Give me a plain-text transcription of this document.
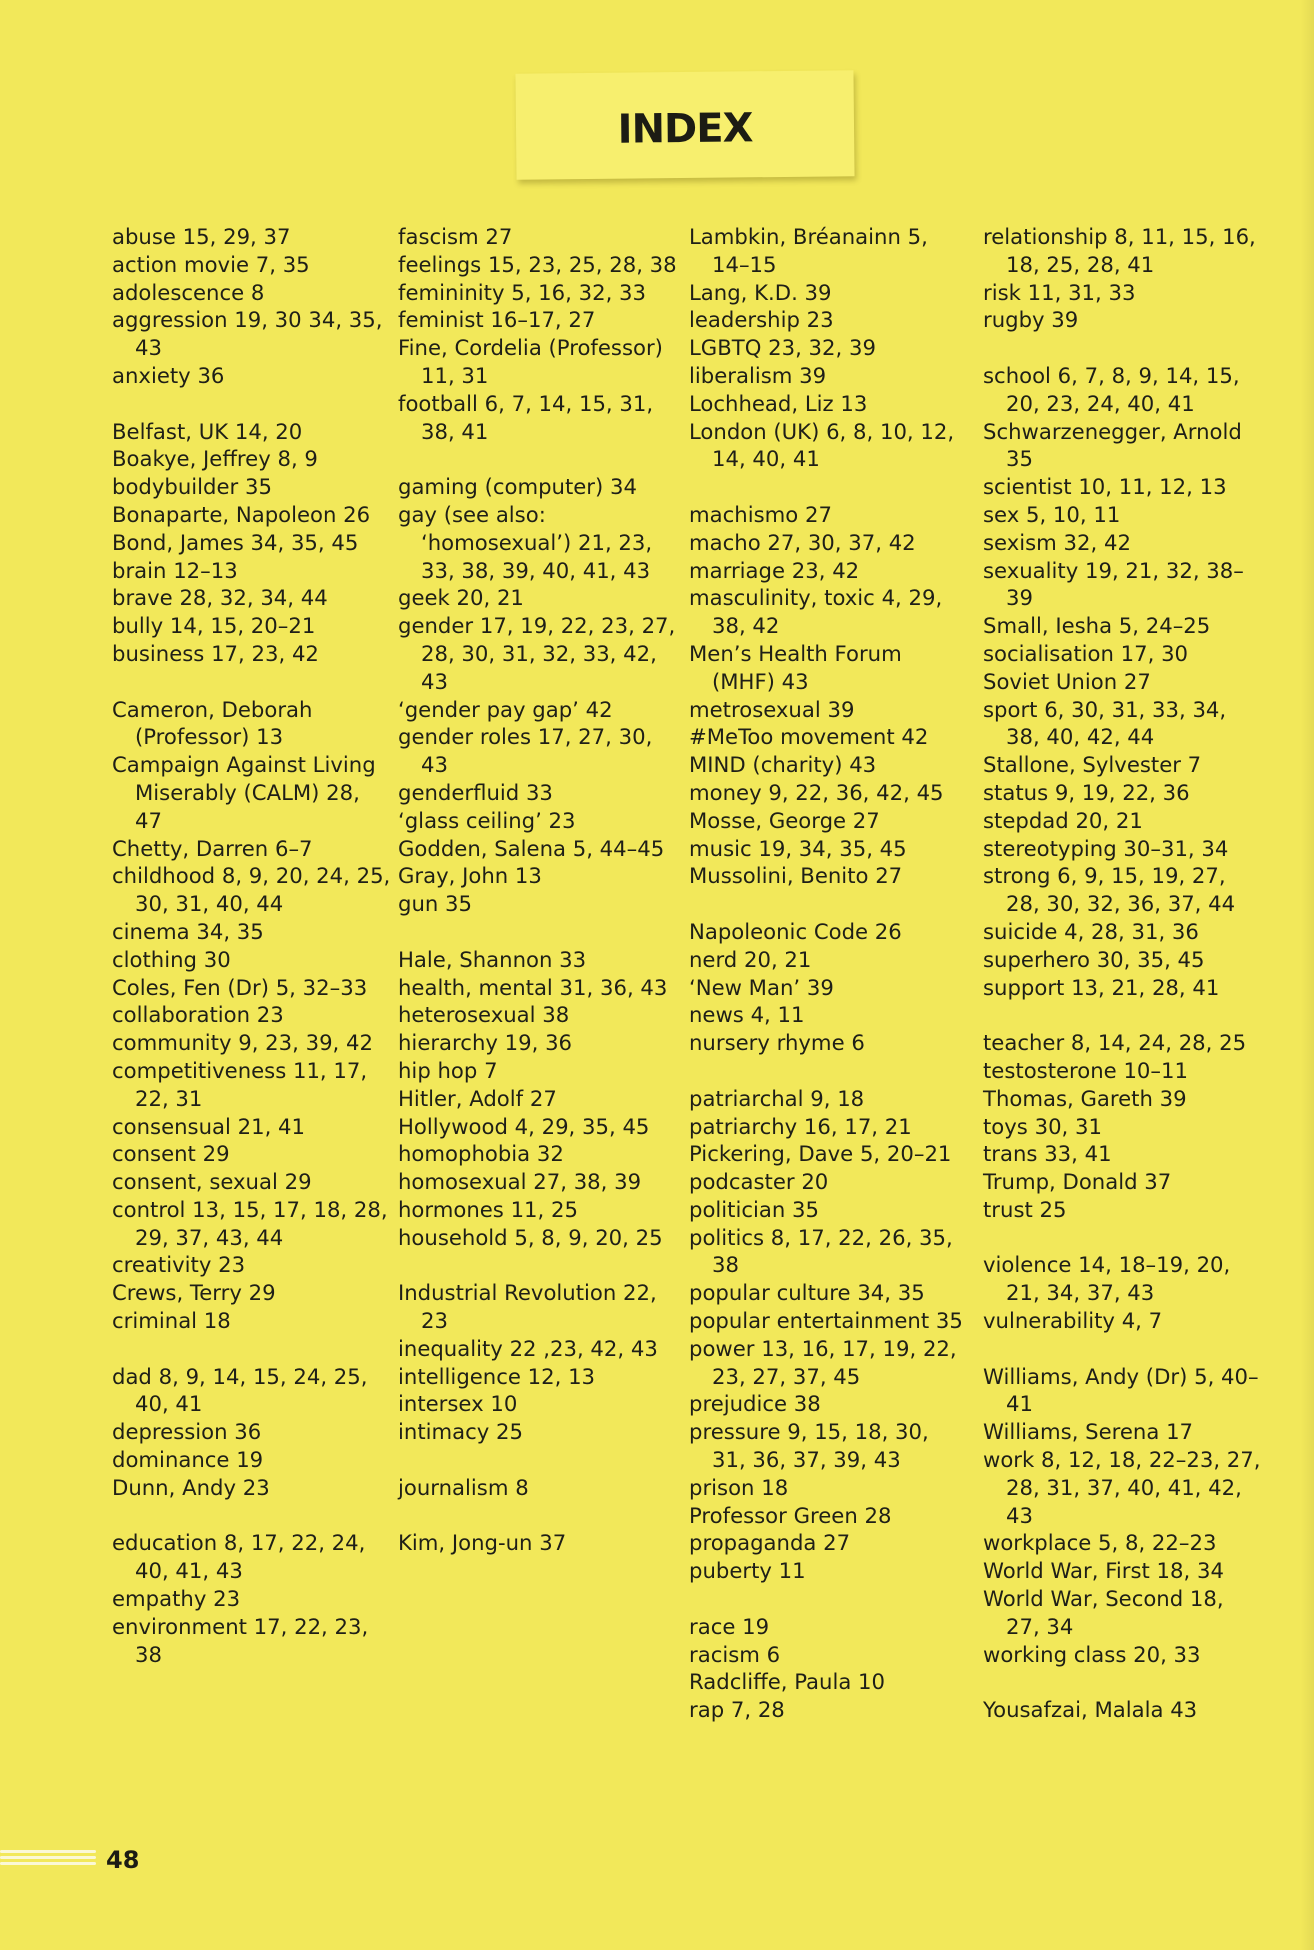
INDEX
abuse 15, 29, 37
action movie 7, 35
adolescence 8
aggression 19, 30 34, 35, 43
anxiety 36
Belfast, UK 14, 20
Boakye, Jeffrey 8, 9
bodybuilder 35
Bonaparte, Napoleon 26
Bond, James 34, 35, 45
brain 12–13
brave 28, 32, 34, 44
bully 14, 15, 20–21
business 17, 23, 42
Cameron, Deborah (Professor) 13
Campaign Against Living Miserably (CALM) 28, 47
Chetty, Darren 6–7
childhood 8, 9, 20, 24, 25, 30, 31, 40, 44
cinema 34, 35
clothing 30
Coles, Fen (Dr) 5, 32–33
collaboration 23
community 9, 23, 39, 42
competitiveness 11, 17, 22, 31
consensual 21, 41
consent 29
consent, sexual 29
control 13, 15, 17, 18, 28, 29, 37, 43, 44
creativity 23
Crews, Terry 29
criminal 18
dad 8, 9, 14, 15, 24, 25, 40, 41
depression 36
dominance 19
Dunn, Andy 23
education 8, 17, 22, 24, 40, 41, 43
empathy 23
environment 17, 22, 23, 38
fascism 27
feelings 15, 23, 25, 28, 38
femininity 5, 16, 32, 33
feminist 16–17, 27
Fine, Cordelia (Professor) 11, 31
football 6, 7, 14, 15, 31, 38, 41
gaming (computer) 34
gay (see also: ‘homosexual’) 21, 23, 33, 38, 39, 40, 41, 43
geek 20, 21
gender 17, 19, 22, 23, 27, 28, 30, 31, 32, 33, 42, 43
‘gender pay gap’ 42
gender roles 17, 27, 30, 43
genderfluid 33
‘glass ceiling’ 23
Godden, Salena 5, 44–45
Gray, John 13
gun 35
Hale, Shannon 33
health, mental 31, 36, 43
heterosexual 38
hierarchy 19, 36
hip hop 7
Hitler, Adolf 27
Hollywood 4, 29, 35, 45
homophobia 32
homosexual 27, 38, 39
hormones 11, 25
household 5, 8, 9, 20, 25
Industrial Revolution 22, 23
inequality 22 ,23, 42, 43
intelligence 12, 13
intersex 10
intimacy 25
journalism 8
Kim, Jong-un 37
Lambkin, Bréanainn 5, 14–15
Lang, K.D. 39
leadership 23
LGBTQ 23, 32, 39
liberalism 39
Lochhead, Liz 13
London (UK) 6, 8, 10, 12, 14, 40, 41
machismo 27
macho 27, 30, 37, 42
marriage 23, 42
masculinity, toxic 4, 29, 38, 42
Men’s Health Forum (MHF) 43
metrosexual 39
#MeToo movement 42
MIND (charity) 43
money 9, 22, 36, 42, 45
Mosse, George 27
music 19, 34, 35, 45
Mussolini, Benito 27
Napoleonic Code 26
nerd 20, 21
‘New Man’ 39
news 4, 11
nursery rhyme 6
patriarchal 9, 18
patriarchy 16, 17, 21
Pickering, Dave 5, 20–21
podcaster 20
politician 35
politics 8, 17, 22, 26, 35, 38
popular culture 34, 35
popular entertainment 35
power 13, 16, 17, 19, 22, 23, 27, 37, 45
prejudice 38
pressure 9, 15, 18, 30, 31, 36, 37, 39, 43
prison 18
Professor Green 28
propaganda 27
puberty 11
race 19
racism 6
Radcliffe, Paula 10
rap 7, 28
relationship 8, 11, 15, 16, 18, 25, 28, 41
risk 11, 31, 33
rugby 39
school 6, 7, 8, 9, 14, 15, 20, 23, 24, 40, 41
Schwarzenegger, Arnold 35
scientist 10, 11, 12, 13
sex 5, 10, 11
sexism 32, 42
sexuality 19, 21, 32, 38–39
Small, Iesha 5, 24–25
socialisation 17, 30
Soviet Union 27
sport 6, 30, 31, 33, 34, 38, 40, 42, 44
Stallone, Sylvester 7
status 9, 19, 22, 36
stepdad 20, 21
stereotyping 30–31, 34
strong 6, 9, 15, 19, 27, 28, 30, 32, 36, 37, 44
suicide 4, 28, 31, 36
superhero 30, 35, 45
support 13, 21, 28, 41
teacher 8, 14, 24, 28, 25
testosterone 10–11
Thomas, Gareth 39
toys 30, 31
trans 33, 41
Trump, Donald 37
trust 25
violence 14, 18–19, 20, 21, 34, 37, 43
vulnerability 4, 7
Williams, Andy (Dr) 5, 40–41
Williams, Serena 17
work 8, 12, 18, 22–23, 27, 28, 31, 37, 40, 41, 42, 43
workplace 5, 8, 22–23
World War, First 18, 34
World War, Second 18, 27, 34
working class 20, 33
Yousafzai, Malala 43
48
